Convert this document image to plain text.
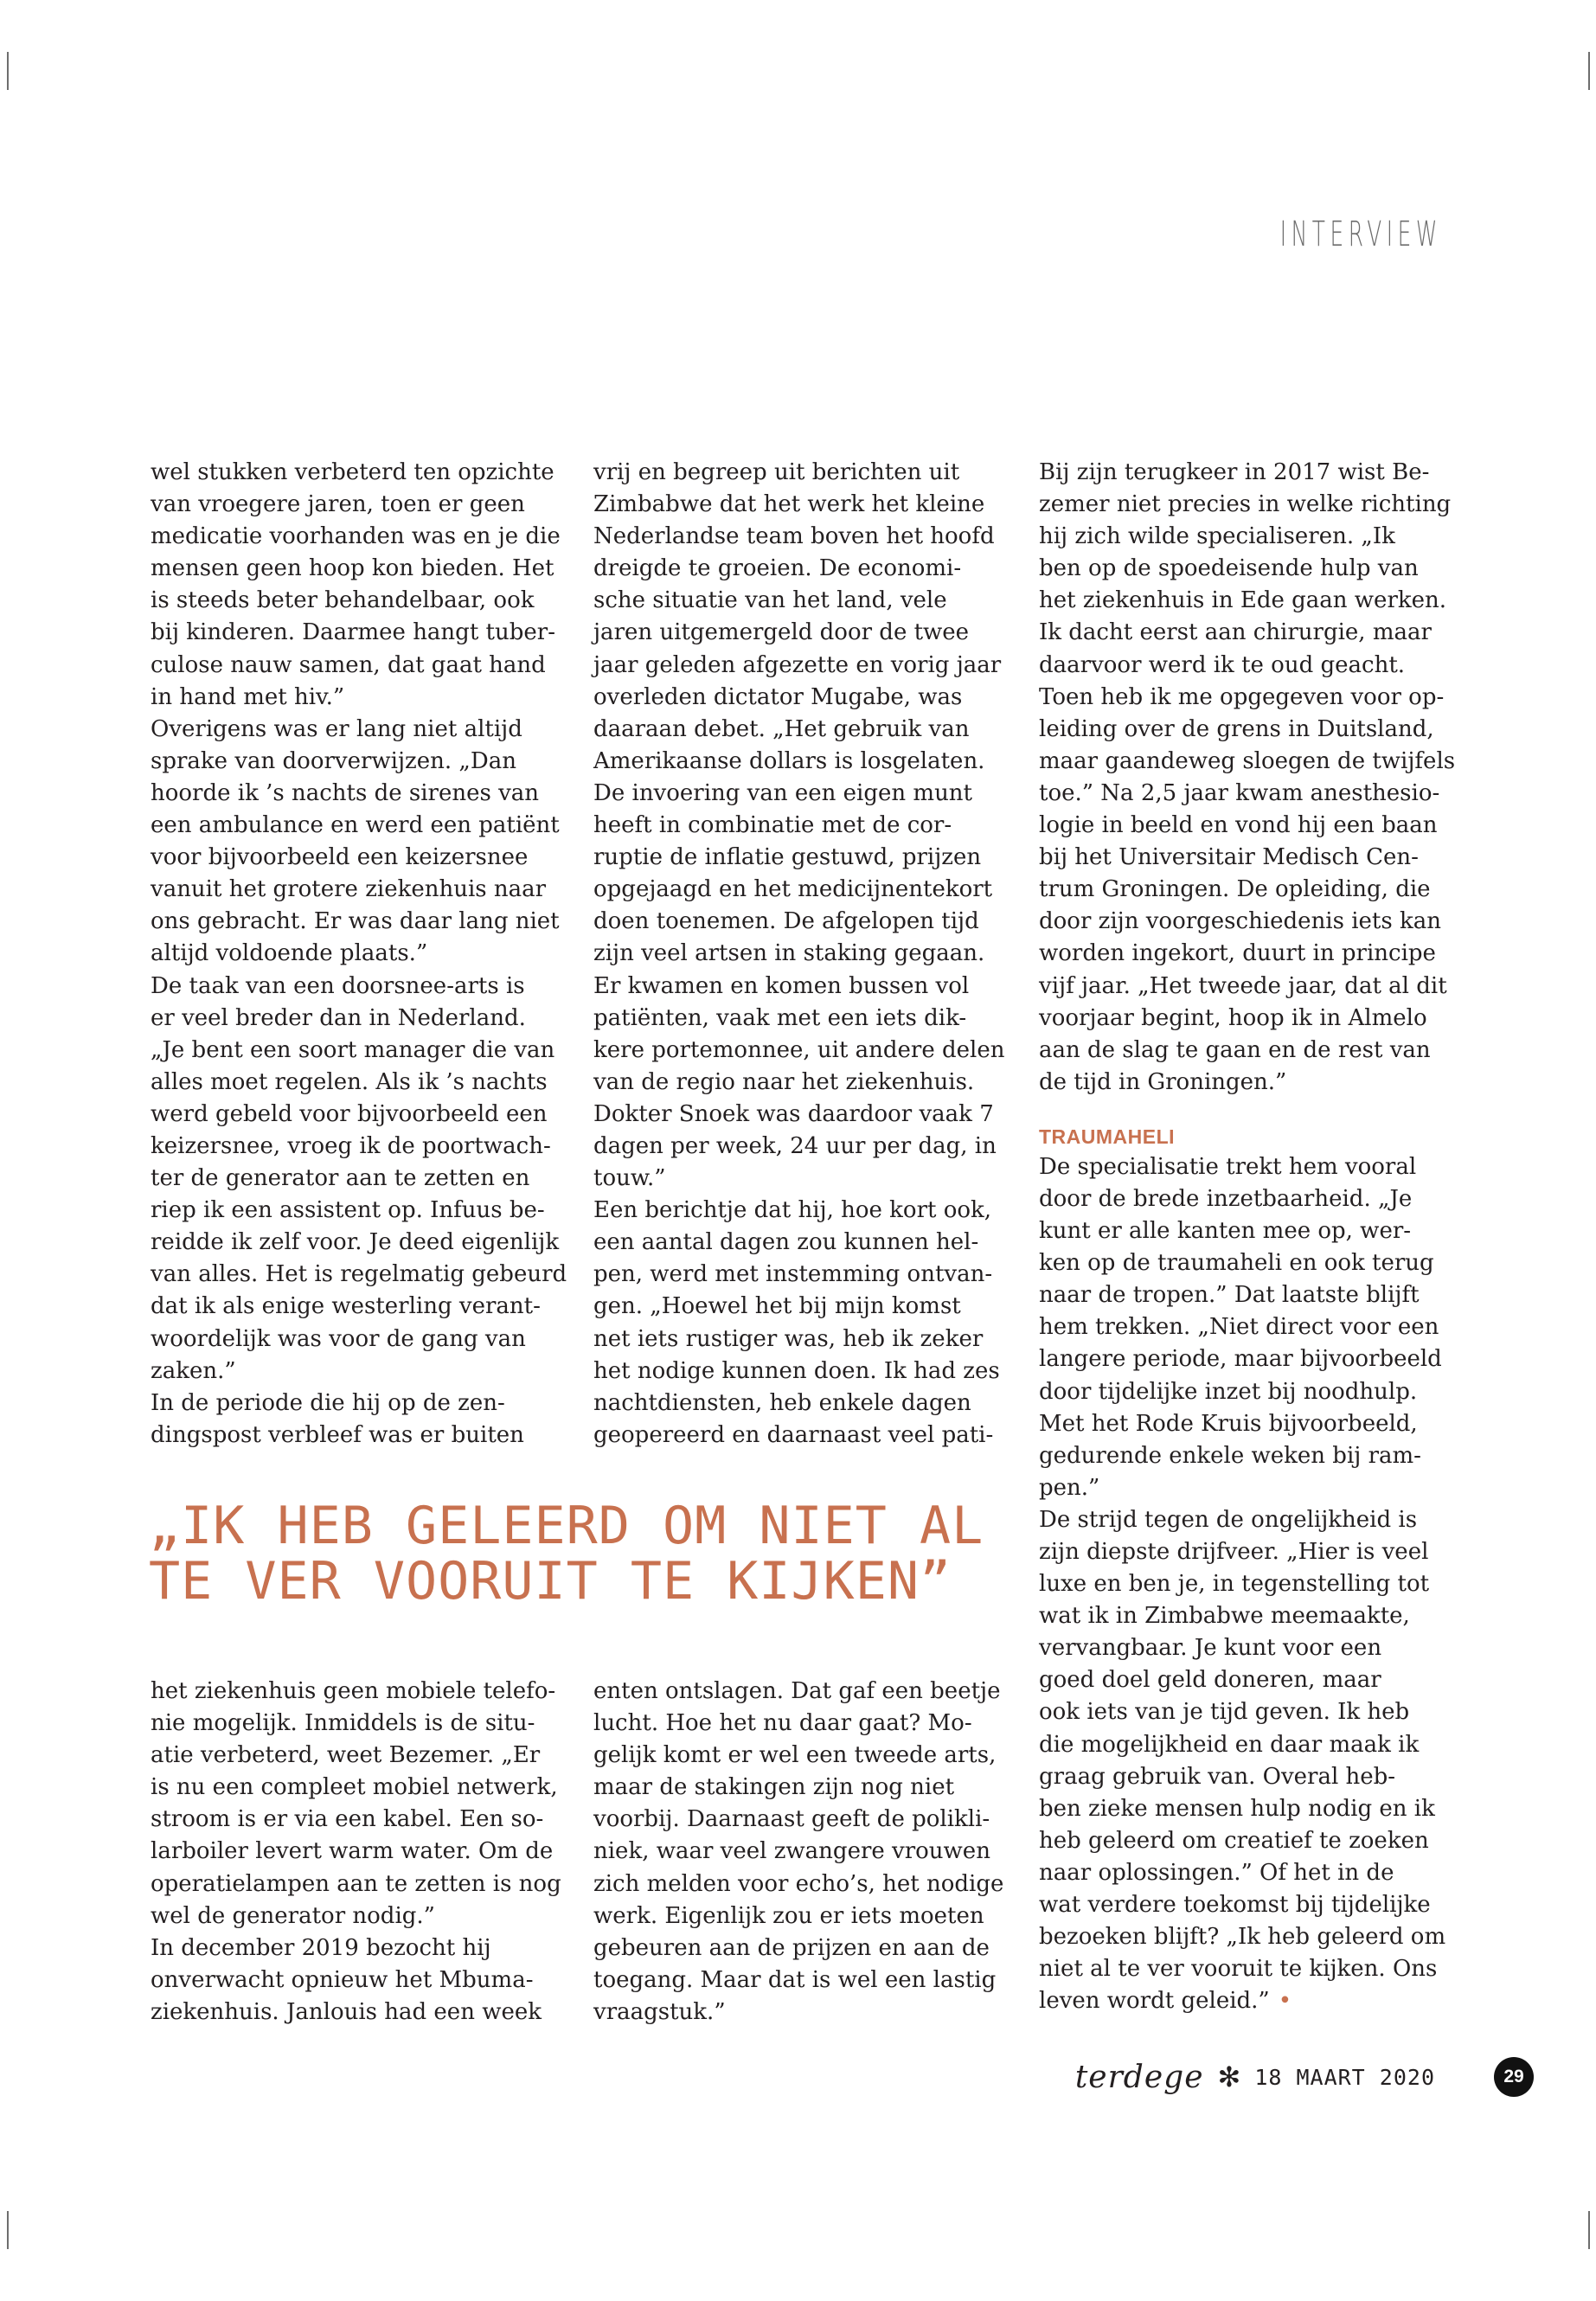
INTERVIEW

wel stukken verbeterd ten opzichte
van vroegere jaren, toen er geen
medicatie voorhanden was en je die
mensen geen hoop kon bieden. Het
is steeds beter behandelbaar, ook
bij kinderen. Daarmee hangt tuber-
culose nauw samen, dat gaat hand
in hand met hiv.”

Overigens was er lang niet altijd
sprake van doorverwijzen. „Dan
hoorde ik ’s nachts de sirenes van
een ambulance en werd een patiënt
voor bijvoorbeeld een keizersnee
vanuit het grotere ziekenhuis naar
ons gebracht. Er was daar lang niet
altijd voldoende plaats.”

De taak van een doorsnee-arts is
er veel breder dan in Nederland.
„Je bent een soort manager die van
alles moet regelen. Als ik ’s nachts
werd gebeld voor bijvoorbeeld een
keizersnee, vroeg ik de poortwach-
ter de generator aan te zetten en
riep ik een assistent op. Infuus be-
reidde ik zelf voor. Je deed eigenlijk
van alles. Het is regelmatig gebeurd
dat ik als enige westerling verant-
woordelijk was voor de gang van
zaken.”

In de periode die hij op de zen-
dingspost verbleef was er buiten

vrij en begreep uit berichten uit
Zimbabwe dat het werk het kleine
Nederlandse team boven het hoofd
dreigde te groeien. De economi-
sche situatie van het land, vele
jaren uitgemergeld door de twee
jaar geleden afgezette en vorig jaar
overleden dictator Mugabe, was
daaraan debet. „Het gebruik van
Amerikaanse dollars is losgelaten.
De invoering van een eigen munt
heeft in combinatie met de cor-
ruptie de inflatie gestuwd, prijzen
opgejaagd en het medicijnentekort
doen toenemen. De afgelopen tijd
zijn veel artsen in staking gegaan.
Er kwamen en komen bussen vol
patiënten, vaak met een iets dik-
kere portemonnee, uit andere delen
van de regio naar het ziekenhuis.
Dokter Snoek was daardoor vaak 7
dagen per week, 24 uur per dag, in
touw.”

Een berichtje dat hij, hoe kort ook,
een aantal dagen zou kunnen hel-
pen, werd met instemming ontvan-
gen. „Hoewel het bij mijn komst
net iets rustiger was, heb ik zeker
het nodige kunnen doen. Ik had zes
nachtdiensten, heb enkele dagen
geopereerd en daarnaast veel pati-

Bij zijn terugkeer in 2017 wist Be-
zemer niet precies in welke richting
hij zich wilde specialiseren. „Ik
ben op de spoedeisende hulp van
het ziekenhuis in Ede gaan werken.
Ik dacht eerst aan chirurgie, maar
daarvoor werd ik te oud geacht.
Toen heb ik me opgegeven voor op-
leiding over de grens in Duitsland,
maar gaandeweg sloegen de twijfels
toe.” Na 2,5 jaar kwam anesthesio-
logie in beeld en vond hij een baan
bij het Universitair Medisch Cen-
trum Groningen. De opleiding, die
door zijn voorgeschiedenis iets kan
worden ingekort, duurt in principe
vijf jaar. „Het tweede jaar, dat al dit
voorjaar begint, hoop ik in Almelo
aan de slag te gaan en de rest van
de tijd in Groningen.”

TRAUMAHELI

De specialisatie trekt hem vooral
door de brede inzetbaarheid. „Je
kunt er alle kanten mee op, wer-
ken op de traumaheli en ook terug
naar de tropen.” Dat laatste blijft
hem trekken. „Niet direct voor een
langere periode, maar bijvoorbeeld
door tijdelijke inzet bij noodhulp.
Met het Rode Kruis bijvoorbeeld,
gedurende enkele weken bij ram-
pen.”

De strijd tegen de ongelijkheid is
zijn diepste drijfveer. „Hier is veel
luxe en ben je, in tegenstelling tot
wat ik in Zimbabwe meemaakte,
vervangbaar. Je kunt voor een
goed doel geld doneren, maar
ook iets van je tijd geven. Ik heb
die mogelijkheid en daar maak ik
graag gebruik van. Overal heb-
ben zieke mensen hulp nodig en ik
heb geleerd om creatief te zoeken
naar oplossingen.” Of het in de
wat verdere toekomst bij tijdelijke
bezoeken blijft? „Ik heb geleerd om
niet al te ver vooruit te kijken. Ons
leven wordt geleid.” •

„IK HEB GELEERD OM NIET AL
TE VER VOORUIT TE KIJKEN”

het ziekenhuis geen mobiele telefo-
nie mogelijk. Inmiddels is de situ-
atie verbeterd, weet Bezemer. „Er
is nu een compleet mobiel netwerk,
stroom is er via een kabel. Een so-
larboiler levert warm water. Om de
operatielampen aan te zetten is nog
wel de generator nodig.”

In december 2019 bezocht hij
onverwacht opnieuw het Mbuma-
ziekenhuis. Janlouis had een week

enten ontslagen. Dat gaf een beetje
lucht. Hoe het nu daar gaat? Mo-
gelijk komt er wel een tweede arts,
maar de stakingen zijn nog niet
voorbij. Daarnaast geeft de polikli-
niek, waar veel zwangere vrouwen
zich melden voor echo’s, het nodige
werk. Eigenlijk zou er iets moeten
gebeuren aan de prijzen en aan de
toegang. Maar dat is wel een lastig
vraagstuk.”

terdege ✻ 18 MAART 2020	29
